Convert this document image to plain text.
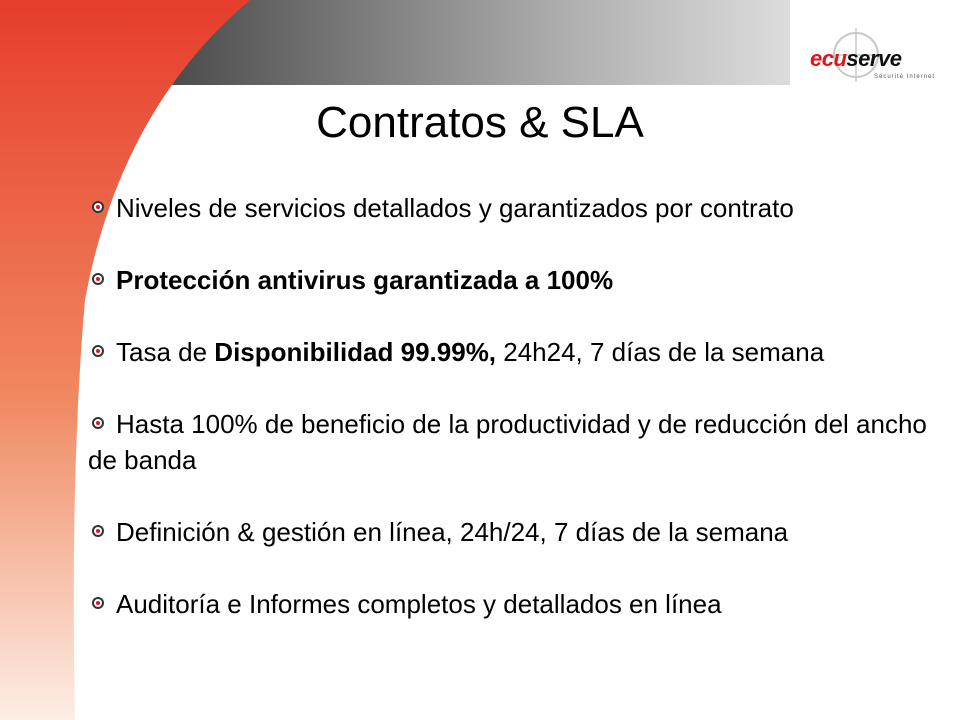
ecuserve
Sécurité Internet
Contratos & SLA
Niveles de servicios detallados y garantizados por contrato
Protección antivirus garantizada a 100%
Tasa de Disponibilidad 99.99%, 24h24, 7 días de la semana
Hasta 100% de beneficio de la productividad y de reducción del ancho de banda
Definición & gestión en línea, 24h/24, 7 días de la semana
Auditoría e Informes completos y detallados en línea
